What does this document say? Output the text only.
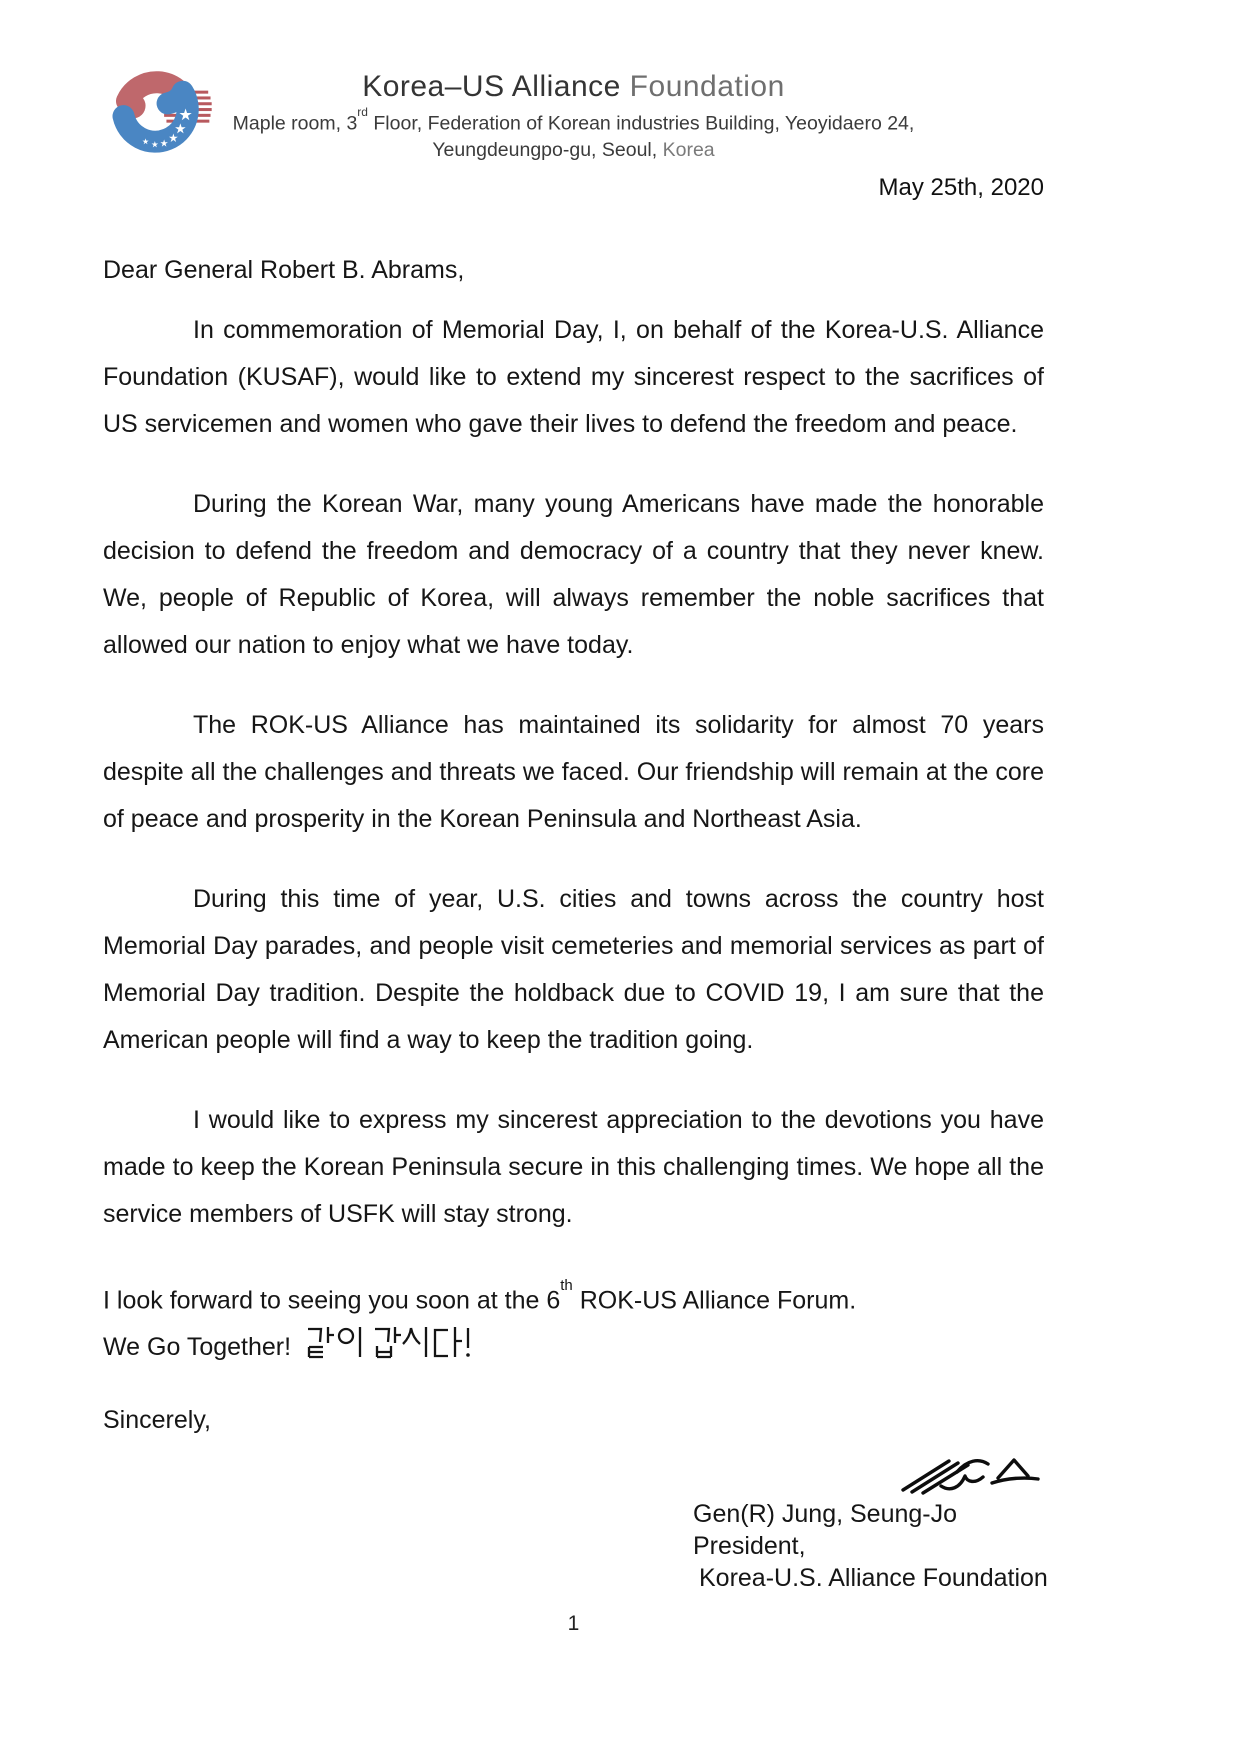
Korea–US Alliance Foundation
Maple room, 3rd Floor, Federation of Korean industries Building, Yeoyidaero 24,
Yeungdeungpo-gu, Seoul, Korea
May 25th, 2020

Dear General Robert B. Abrams,

In commemoration of Memorial Day, I, on behalf of the Korea-U.S. Alliance Foundation (KUSAF), would like to extend my sincerest respect to the sacrifices of US servicemen and women who gave their lives to defend the freedom and peace.

During the Korean War, many young Americans have made the honorable decision to defend the freedom and democracy of a country that they never knew. We, people of Republic of Korea, will always remember the noble sacrifices that allowed our nation to enjoy what we have today.

The ROK-US Alliance has maintained its solidarity for almost 70 years despite all the challenges and threats we faced. Our friendship will remain at the core of peace and prosperity in the Korean Peninsula and Northeast Asia.

During this time of year, U.S. cities and towns across the country host Memorial Day parades, and people visit cemeteries and memorial services as part of Memorial Day tradition. Despite the holdback due to COVID 19, I am sure that the American people will find a way to keep the tradition going.

I would like to express my sincerest appreciation to the devotions you have made to keep the Korean Peninsula secure in this challenging times. We hope all the service members of USFK will stay strong.

I look forward to seeing you soon at the 6th ROK-US Alliance Forum.

We Go Together!

Sincerely,

Gen(R) Jung, Seung-Jo
President,
Korea-U.S. Alliance Foundation
1
